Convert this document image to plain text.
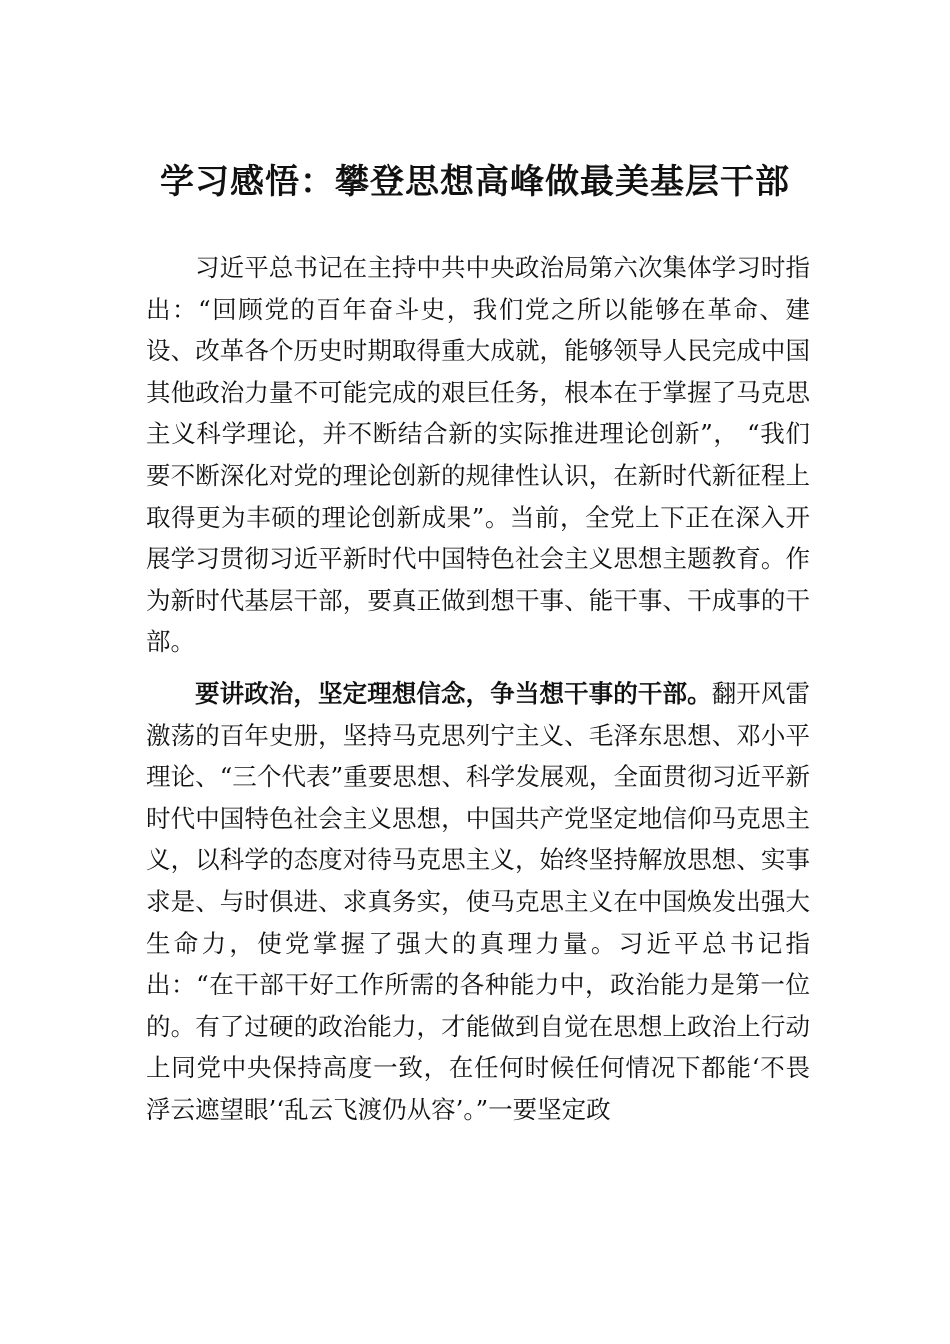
学习感悟：攀登思想高峰做最美基层干部

习近平总书记在主持中共中央政治局第六次集体学习时指出：“回顾党的百年奋斗史，我们党之所以能够在革命、建设、改革各个历史时期取得重大成就，能够领导人民完成中国其他政治力量不可能完成的艰巨任务，根本在于掌握了马克思主义科学理论，并不断结合新的实际推进理论创新”， “我们要不断深化对党的理论创新的规律性认识，在新时代新征程上取得更为丰硕的理论创新成果”。当前，全党上下正在深入开展学习贯彻习近平新时代中国特色社会主义思想主题教育。作为新时代基层干部，要真正做到想干事、能干事、干成事的干部。

要讲政治，坚定理想信念，争当想干事的干部。翻开风雷激荡的百年史册，坚持马克思列宁主义、毛泽东思想、邓小平理论、“三个代表”重要思想、科学发展观，全面贯彻习近平新时代中国特色社会主义思想，中国共产党坚定地信仰马克思主义，以科学的态度对待马克思主义，始终坚持解放思想、实事求是、与时俱进、求真务实，使马克思主义在中国焕发出强大生命力，使党掌握了强大的真理力量。习近平总书记指出：“在干部干好工作所需的各种能力中，政治能力是第一位的。有了过硬的政治能力，才能做到自觉在思想上政治上行动上同党中央保持高度一致，在任何时候任何情况下都能‘不畏浮云遮望眼’‘乱云飞渡仍从容’。”一要坚定政
